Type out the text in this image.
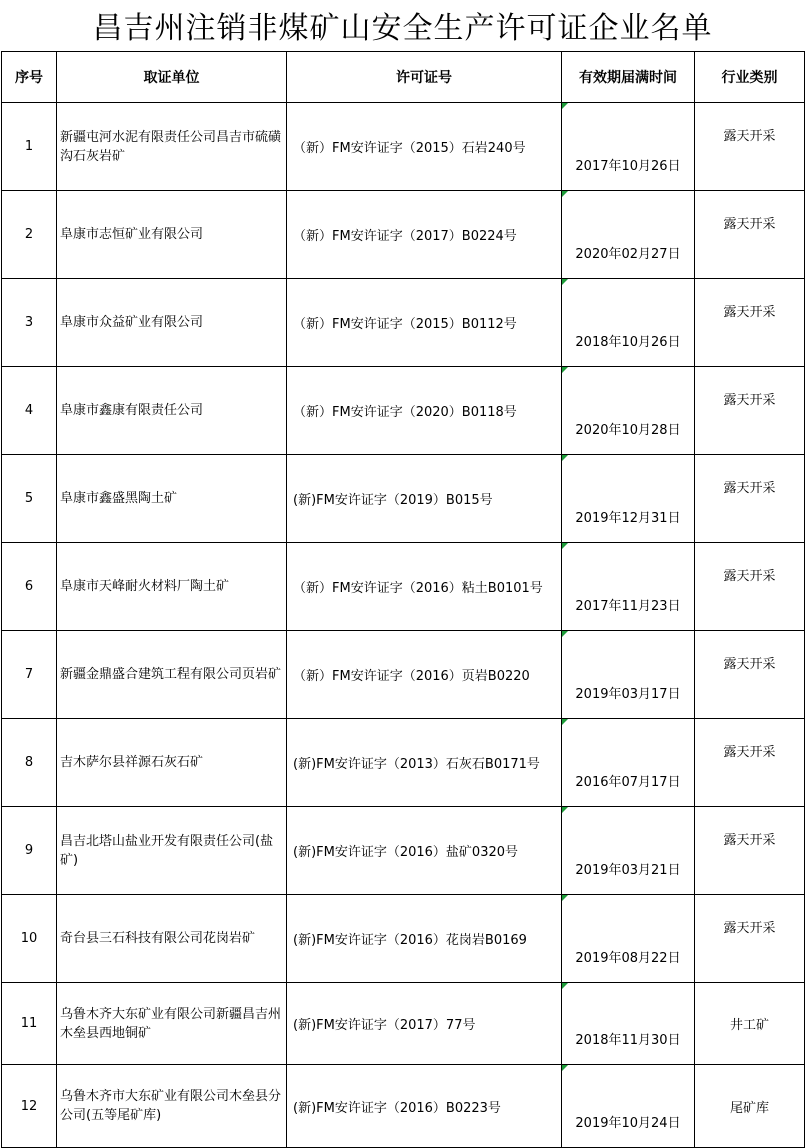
昌吉州注销非煤矿山安全生产许可证企业名单
序号	取证单位	许可证号	有效期届满时间	行业类别
1	新疆屯河水泥有限责任公司昌吉市硫磺沟石灰岩矿	（新）FM安许证字（2015）石岩240号	2017年10月26日	露天开采
2	阜康市志恒矿业有限公司	（新）FM安许证字（2017）B0224号	2020年02月27日	露天开采
3	阜康市众益矿业有限公司	（新）FM安许证字（2015）B0112号	2018年10月26日	露天开采
4	阜康市鑫康有限责任公司	（新）FM安许证字（2020）B0118号	2020年10月28日	露天开采
5	阜康市鑫盛黑陶土矿	(新)FM安许证字（2019）B015号	2019年12月31日	露天开采
6	阜康市天峰耐火材料厂陶土矿	（新）FM安许证字（2016）粘土B0101号	2017年11月23日	露天开采
7	新疆金鼎盛合建筑工程有限公司页岩矿	（新）FM安许证字（2016）页岩B0220	2019年03月17日	露天开采
8	吉木萨尔县祥源石灰石矿	(新)FM安许证字（2013）石灰石B0171号	2016年07月17日	露天开采
9	昌吉北塔山盐业开发有限责任公司(盐矿)	(新)FM安许证字（2016）盐矿0320号	2019年03月21日	露天开采
10	奇台县三石科技有限公司花岗岩矿	(新)FM安许证字（2016）花岗岩B0169	2019年08月22日	露天开采
11	乌鲁木齐大东矿业有限公司新疆昌吉州木垒县西地铜矿	(新)FM安许证字（2017）77号	2018年11月30日	井工矿
12	乌鲁木齐市大东矿业有限公司木垒县分公司(五等尾矿库)	(新)FM安许证字（2016）B0223号	2019年10月24日	尾矿库
